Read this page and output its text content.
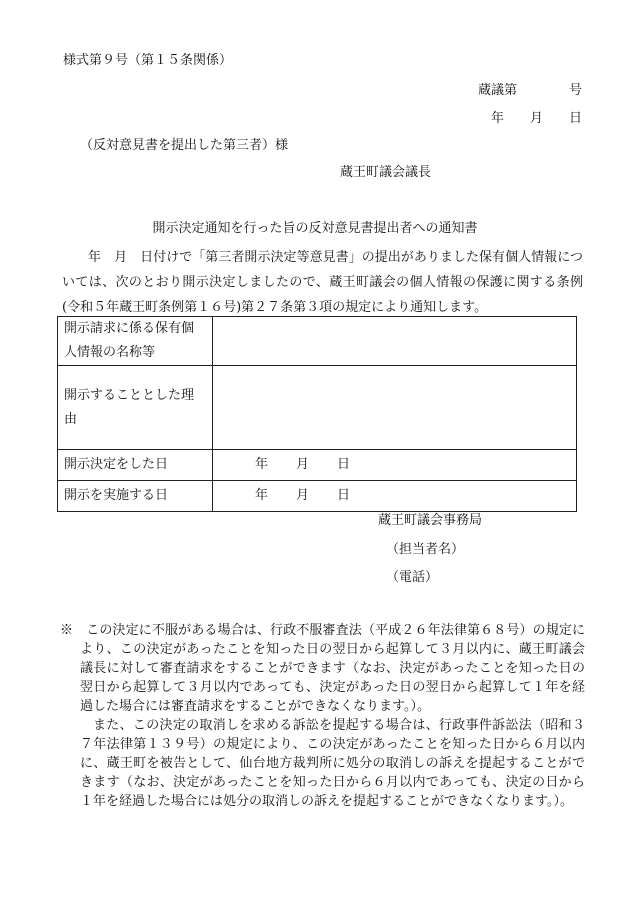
様式第９号（第１５条関係）
蔵議第　　　　号
年　　月　　日
（反対意見書を提出した第三者）様
蔵王町議会議長
開示決定通知を行った旨の反対意見書提出者への通知書

年　月　日付けで「第三者開示決定等意見書」の提出がありました保有個人情報については、次のとおり開示決定しましたので、蔵王町議会の個人情報の保護に関する条例(令和５年蔵王町条例第１６号)第２７条第３項の規定により通知します。

開示請求に係る保有個人情報の名称等	
開示することとした理由	
開示決定をした日	年 月 日
開示を実施する日	年 月 日
蔵王町議会事務局
（担当者名）
（電話）

※　この決定に不服がある場合は、行政不服審査法（平成２６年法律第６８号）の規定により、この決定があったことを知った日の翌日から起算して３月以内に、蔵王町議会議長に対して審査請求をすることができます（なお、決定があったことを知った日の翌日から起算して３月以内であっても、決定があった日の翌日から起算して１年を経過した場合には審査請求をすることができなくなります。）。

また、この決定の取消しを求める訴訟を提起する場合は、行政事件訴訟法（昭和３７年法律第１３９号）の規定により、この決定があったことを知った日から６月以内に、蔵王町を被告として、仙台地方裁判所に処分の取消しの訴えを提起することができます（なお、決定があったことを知った日から６月以内であっても、決定の日から１年を経過した場合には処分の取消しの訴えを提起することができなくなります。）。
